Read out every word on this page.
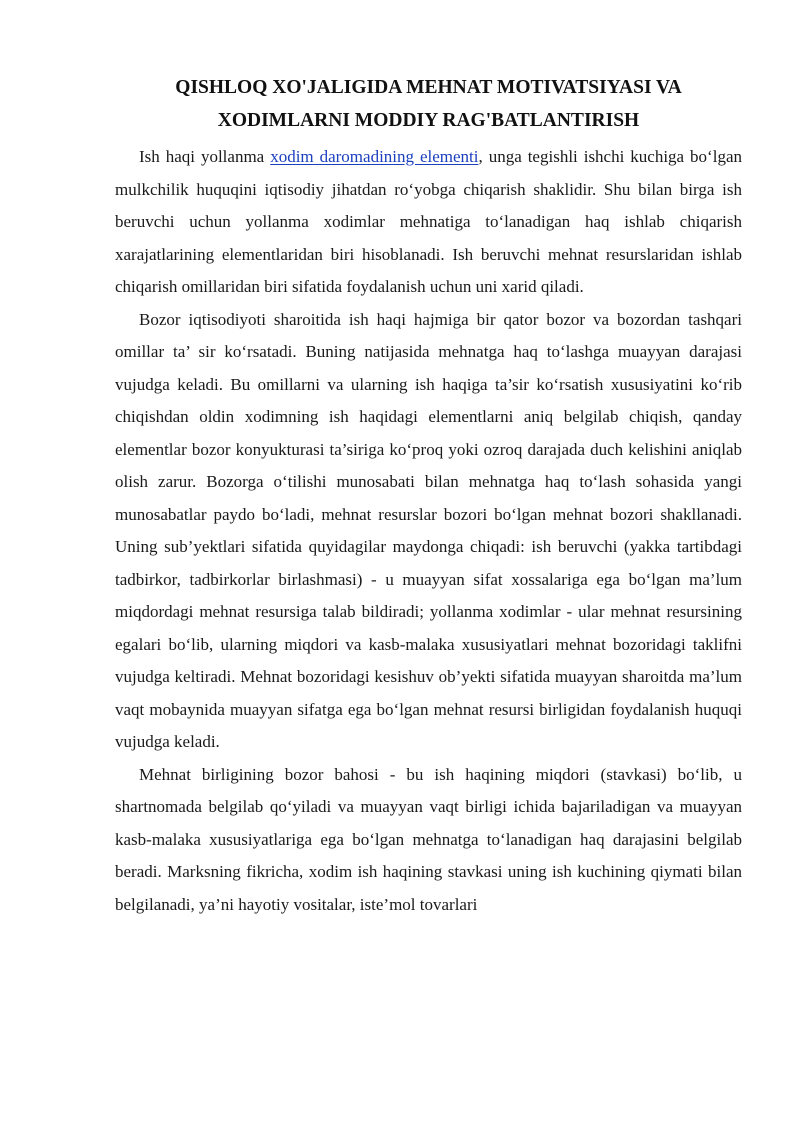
QISHLOQ XO'JALIGIDA MEHNAT MOTIVATSIYASI VA
XODIMLARNI MODDIY RAG'BATLANTIRISH

Ish haqi yollanma xodim daromadining elementi, unga tegishli ishchi kuchiga bo‘lgan mulkchilik huquqini iqtisodiy jihatdan ro‘yobga chiqarish shaklidir. Shu bilan birga ish beruvchi uchun yollanma xodimlar mehnatiga to‘lanadigan haq ishlab chiqarish xarajatlarining elementlaridan biri hisoblanadi. Ish beruvchi mehnat resurslaridan ishlab chiqarish omillaridan biri sifatida foydalanish uchun uni xarid qiladi.

Bozor iqtisodiyoti sharoitida ish haqi hajmiga bir qator bozor va bozordan tashqari omillar ta’ sir ko‘rsatadi. Buning natijasida mehnatga haq to‘lashga muayyan darajasi vujudga keladi. Bu omillarni va ularning ish haqiga ta’sir ko‘rsatish xususiyatini ko‘rib chiqishdan oldin xodimning ish haqidagi elementlarni aniq belgilab chiqish, qanday elementlar bozor konyukturasi ta’siriga ko‘proq yoki ozroq darajada duch kelishini aniqlab olish zarur. Bozorga o‘tilishi munosabati bilan mehnatga haq to‘lash sohasida yangi munosabatlar paydo bo‘ladi, mehnat resurslar bozori bo‘lgan mehnat bozori shakllanadi. Uning sub’yektlari sifatida quyidagilar maydonga chiqadi: ish beruvchi (yakka tartibdagi tadbirkor, tadbirkorlar birlashmasi) - u muayyan sifat xossalariga ega bo‘lgan ma’lum miqdordagi mehnat resursiga talab bildiradi; yollanma xodimlar - ular mehnat resursining egalari bo‘lib, ularning miqdori va kasb-malaka xususiyatlari mehnat bozoridagi taklifni vujudga keltiradi. Mehnat bozoridagi kesishuv ob’yekti sifatida muayyan sharoitda ma’lum vaqt mobaynida muayyan sifatga ega bo‘lgan mehnat resursi birligidan foydalanish huquqi vujudga keladi.

Mehnat birligining bozor bahosi - bu ish haqining miqdori (stavkasi) bo‘lib, u shartnomada belgilab qo‘yiladi va muayyan vaqt birligi ichida bajariladigan va muayyan kasb-malaka xususiyatlariga ega bo‘lgan mehnatga to‘lanadigan haq darajasini belgilab beradi. Marksning fikricha, xodim ish haqining stavkasi uning ish kuchining qiymati bilan belgilanadi, ya’ni hayotiy vositalar, iste’mol tovarlari
